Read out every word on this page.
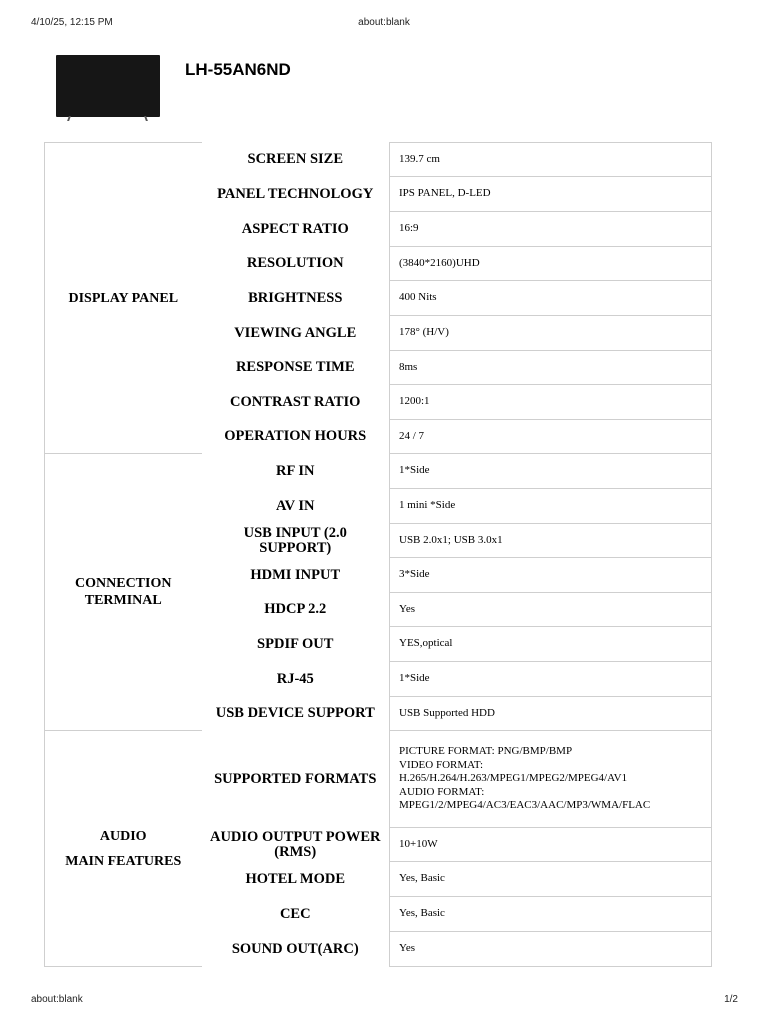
4/10/25, 12:15 PM	about:blank
LH-55AN6ND
DISPLAY PANEL	SCREEN SIZE	139.7 cm
	PANEL TECHNOLOGY	IPS PANEL, D-LED
	ASPECT RATIO	16:9
	RESOLUTION	(3840*2160)UHD
	BRIGHTNESS	400 Nits
	VIEWING ANGLE	178° (H/V)
	RESPONSE TIME	8ms
	CONTRAST RATIO	1200:1
	OPERATION HOURS	24 / 7

CONNECTION
TERMINAL	RF IN	1*Side
	AV IN	1 mini *Side

	USB INPUT (2.0
SUPPORT)	USB 2.0x1; USB 3.0x1
	HDMI INPUT	3*Side
	HDCP 2.2	Yes
	SPDIF OUT	YES,optical
	RJ-45	1*Side
	USB DEVICE SUPPORT	USB Supported HDD

AUDIO
MAIN FEATURES	SUPPORTED FORMATS	PICTURE FORMAT: PNG/BMP/BMP
VIDEO FORMAT:
H.265/H.264/H.263/MPEG1/MPEG2/MPEG4/AV1
AUDIO FORMAT:
MPEG1/2/MPEG4/AC3/EAC3/AAC/MP3/WMA/FLAC

	AUDIO OUTPUT POWER
(RMS)	10+10W
	HOTEL MODE	Yes, Basic
	CEC	Yes, Basic
	SOUND OUT(ARC)	Yes
about:blank	1/2
